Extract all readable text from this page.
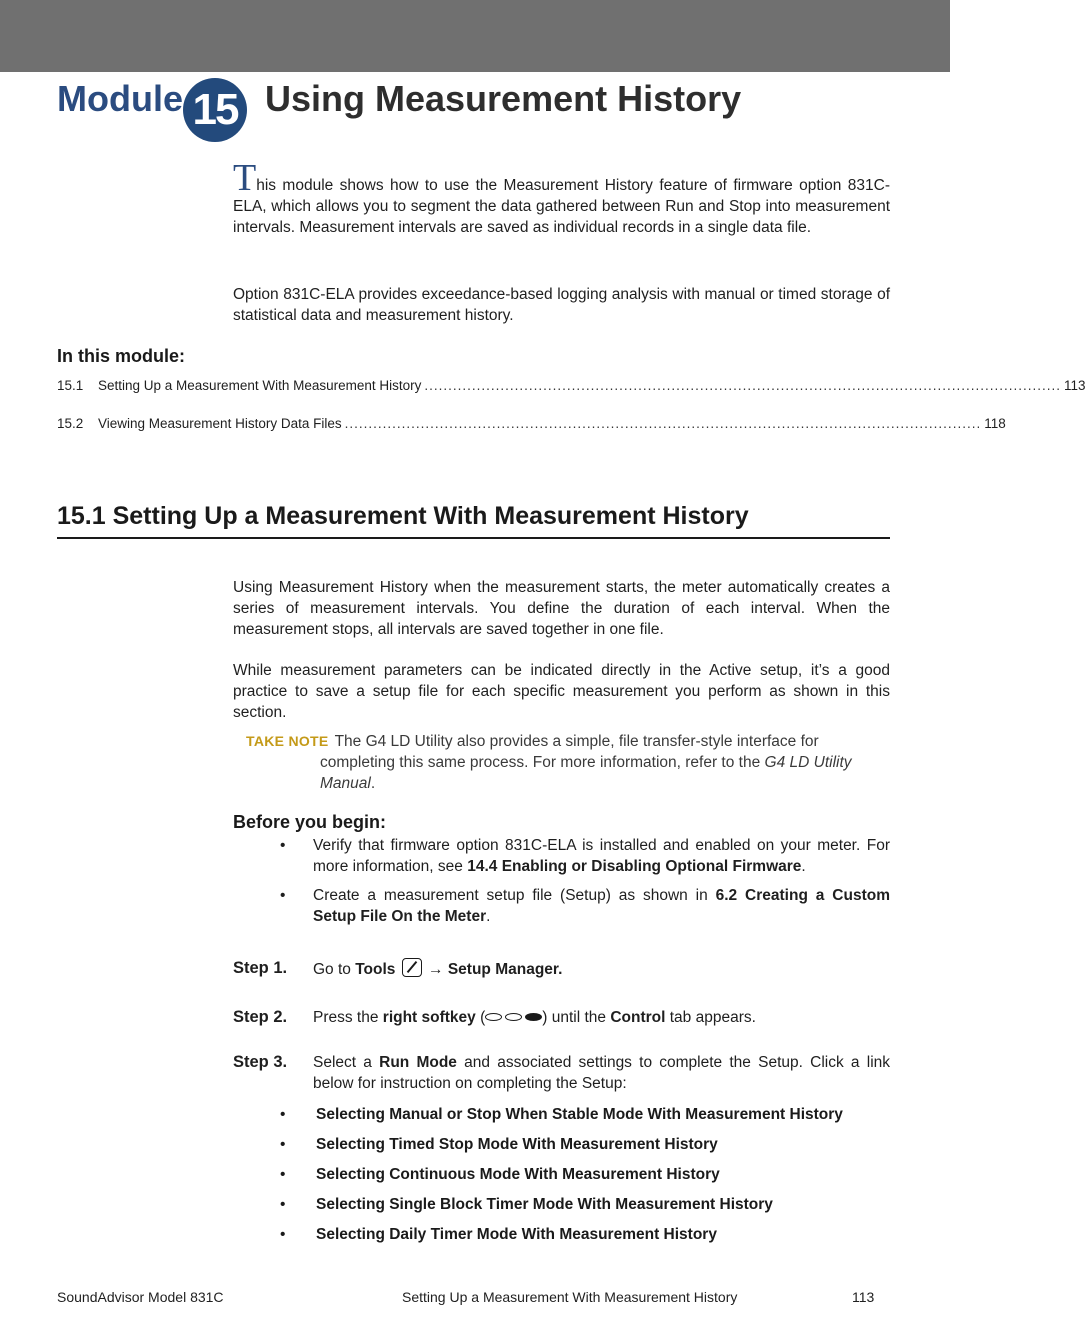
Module 15 Using Measurement History
This module shows how to use the Measurement History feature of firmware option 831C-ELA, which allows you to segment the data gathered between Run and Stop into measurement intervals. Measurement intervals are saved as individual records in a single data file.
Option 831C-ELA provides exceedance-based logging analysis with manual or timed storage of statistical data and measurement history.
In this module:
15.1	Setting Up a Measurement With Measurement History ...................................................................................................................................... 113
15.2	Viewing Measurement History Data Files ...................................................................................................................................... 118
15.1 Setting Up a Measurement With Measurement History
Using Measurement History when the measurement starts, the meter automatically creates a series of measurement intervals. You define the duration of each interval. When the measurement stops, all intervals are saved together in one file.
While measurement parameters can be indicated directly in the Active setup, it’s a good practice to save a setup file for each specific measurement you perform as shown in this section.
TAKE NOTE The G4 LD Utility also provides a simple, file transfer-style interface for
completing this same process. For more information, refer to the G4 LD Utility
Manual.
Before you begin:
• Verify that firmware option 831C-ELA is installed and enabled on your meter. For more information, see 14.4 Enabling or Disabling Optional Firmware.
• Create a measurement setup file (Setup) as shown in 6.2 Creating a Custom Setup File On the Meter.
Step 1. Go to Tools → Setup Manager.
Step 2. Press the right softkey (	) until the Control tab appears.
Step 3. Select a Run Mode and associated settings to complete the Setup. Click a link below for instruction on completing the Setup:
• Selecting Manual or Stop When Stable Mode With Measurement History
• Selecting Timed Stop Mode With Measurement History
• Selecting Continuous Mode With Measurement History
• Selecting Single Block Timer Mode With Measurement History
• Selecting Daily Timer Mode With Measurement History
SoundAdvisor Model 831C	Setting Up a Measurement With Measurement History	113
